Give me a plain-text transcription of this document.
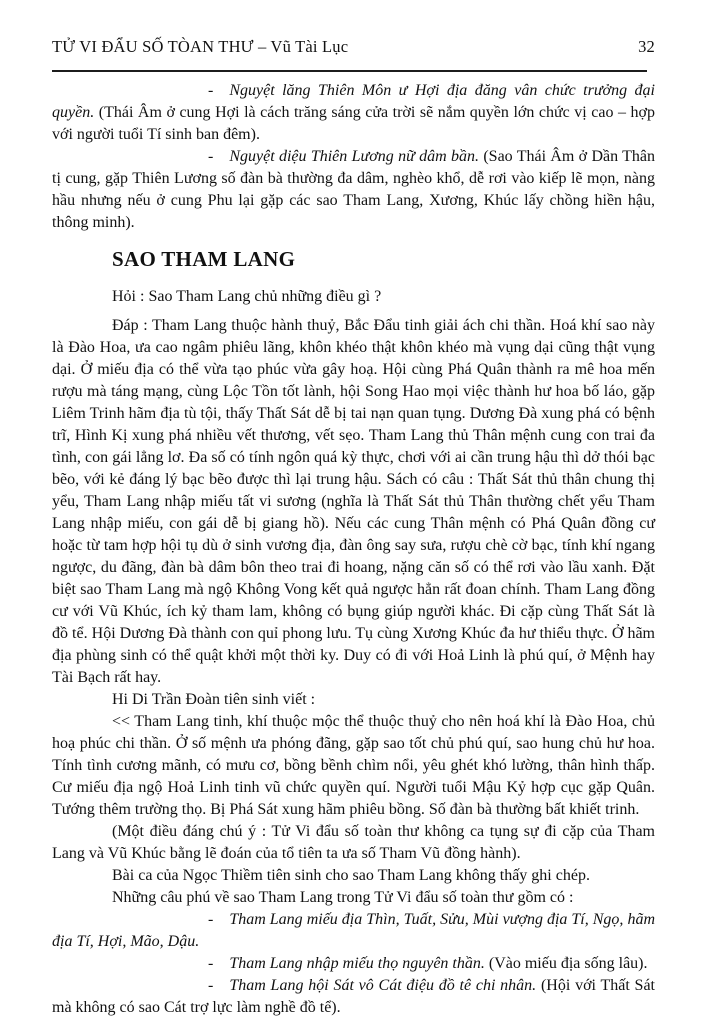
TỬ VI ĐẨU SỐ TÒAN THƯ – Vũ Tài Lục	32

- Nguyệt lăng Thiên Môn ư Hợi địa đăng vân chức trưởng đại quyền. (Thái Âm ở cung Hợi là cách trăng sáng cửa trời sẽ nắm quyền lớn chức vị cao – hợp với người tuổi Tí sinh ban đêm).

- Nguyệt diệu Thiên Lương nữ dâm bần. (Sao Thái Âm ở Dần Thân tị cung, gặp Thiên Lương số đàn bà thường đa dâm, nghèo khổ, dễ rơi vào kiếp lẽ mọn, nàng hầu nhưng nếu ở cung Phu lại gặp các sao Tham Lang, Xương, Khúc lấy chồng hiền hậu, thông minh).

SAO THAM LANG

Hỏi : Sao Tham Lang chủ những điều gì ?

Đáp : Tham Lang thuộc hành thuỷ, Bắc Đẩu tinh giải ách chi thần. Hoá khí sao này là Đào Hoa, ưa cao ngâm phiêu lãng, khôn khéo thật khôn khéo mà vụng dại cũng thật vụng dại. Ở miếu địa có thể vừa tạo phúc vừa gây hoạ. Hội cùng Phá Quân thành ra mê hoa mến rượu mà táng mạng, cùng Lộc Tồn tốt lành, hội Song Hao mọi việc thành hư hoa bố láo, gặp Liêm Trinh hãm địa tù tội, thấy Thất Sát dễ bị tai nạn quan tụng. Dương Đà xung phá có bệnh trĩ, Hình Kị xung phá nhiều vết thương, vết sẹo. Tham Lang thủ Thân mệnh cung con trai đa tình, con gái lẳng lơ. Đa số có tính ngôn quá kỳ thực, chơi với ai cần trung hậu thì dở thói bạc bẽo, với kẻ đáng lý bạc bẽo được thì lại trung hậu. Sách có câu : Thất Sát thủ thân chung thị yểu, Tham Lang nhập miếu tất vi sương (nghĩa là Thất Sát thủ Thân thường chết yểu Tham Lang nhập miếu, con gái dễ bị giang hồ). Nếu các cung Thân mệnh có Phá Quân đồng cư hoặc từ tam hợp hội tụ dù ở sinh vương địa, đàn ông say sưa, rượu chè cờ bạc, tính khí ngang ngược, du đãng, đàn bà dâm bôn theo trai đi hoang, nặng căn số có thể rơi vào lầu xanh. Đặt biệt sao Tham Lang mà ngộ Không Vong kết quả ngược hẳn rất đoan chính. Tham Lang đồng cư với Vũ Khúc, ích kỷ tham lam, không có bụng giúp người khác. Đi cặp cùng Thất Sát là đồ tể. Hội Dương Đà thành con quỉ phong lưu. Tụ cùng Xương Khúc đa hư thiểu thực. Ở hãm địa phùng sinh có thể quật khởi một thời ky. Duy có đi với Hoả Linh là phú quí, ở Mệnh hay Tài Bạch rất hay.

Hi Di Trần Đoàn tiên sinh viết :

<< Tham Lang tinh, khí thuộc mộc thể thuộc thuỷ cho nên hoá khí là Đào Hoa, chủ hoạ phúc chi thần. Ở số mệnh ưa phóng đãng, gặp sao tốt chủ phú quí, sao hung chủ hư hoa. Tính tình cương mãnh, có mưu cơ, bồng bềnh chìm nổi, yêu ghét khó lường, thân hình thấp. Cư miếu địa ngộ Hoả Linh tinh vũ chức quyền quí. Người tuổi Mậu Kỷ hợp cục gặp Quân. Tướng thêm trường thọ. Bị Phá Sát xung hãm phiêu bồng. Số đàn bà thường bất khiết trinh.

(Một điều đáng chú ý : Tử Vi đẩu số toàn thư không ca tụng sự đi cặp của Tham Lang và Vũ Khúc bằng lẽ đoán của tổ tiên ta ưa số Tham Vũ đồng hành).

Bài ca của Ngọc Thiềm tiên sinh cho sao Tham Lang không thấy ghi chép.

Những câu phú về sao Tham Lang trong Tử Vi đẩu số toàn thư gồm có :

- Tham Lang miếu địa Thìn, Tuất, Sửu, Mùi vượng địa Tí, Ngọ, hãm địa Tí, Hợi, Mão, Dậu.

- Tham Lang nhập miếu thọ nguyên thần. (Vào miếu địa sống lâu).

- Tham Lang hội Sát vô Cát điệu đồ tê chi nhân. (Hội với Thất Sát mà không có sao Cát trợ lực làm nghề đồ tể).
